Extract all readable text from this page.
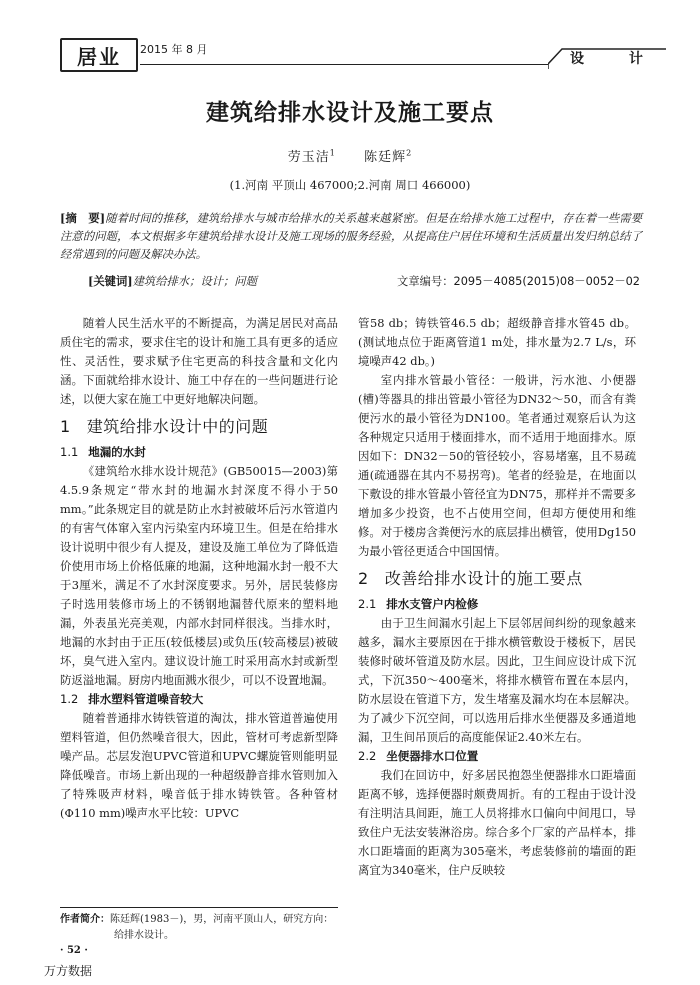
居业 2015 年 8 月
设 计
建筑给排水设计及施工要点
劳玉洁$^1$ 陈廷辉$^2$
(1.河南 平顶山 467000;2.河南 周口 466000)
[摘　要]随着时间的推移，建筑给排水与城市给排水的关系越来越紧密。但是在给排水施工过程中，存在着一些需要注意的问题，本文根据多年建筑给排水设计及施工现场的服务经验，从提高住户居住环境和生活质量出发归纳总结了经常遇到的问题及解决办法。
[关键词]建筑给排水；设计；问题	文章编号：2095－4085(2015)08－0052－02

随着人民生活水平的不断提高，为满足居民对高品质住宅的需求，要求住宅的设计和施工具有更多的适应性、灵活性，要求赋予住宅更高的科技含量和文化内涵。下面就给排水设计、施工中存在的一些问题进行论述，以便大家在施工中更好地解决问题。

1 建筑给排水设计中的问题
1.1 地漏的水封

《建筑给水排水设计规范》(GB50015—2003)第4.5.9条规定“带水封的地漏水封深度不得小于50 mm。”此条规定目的就是防止水封被破坏后污水管道内的有害气体窜入室内污染室内环境卫生。但是在给排水设计说明中很少有人提及，建设及施工单位为了降低造价使用市场上价格低廉的地漏，这种地漏水封一般不大于3厘米，满足不了水封深度要求。另外，居民装修房子时选用装修市场上的不锈钢地漏替代原来的塑料地漏，外表虽光亮美观，内部水封同样很浅。当排水时，地漏的水封由于正压(较低楼层)或负压(较高楼层)被破坏，臭气进入室内。建议设计施工时采用高水封或新型防返溢地漏。厨房内地面溅水很少，可以不设置地漏。

1.2 排水塑料管道噪音较大

随着普通排水铸铁管道的淘汰，排水管道普遍使用塑料管道，但仍然噪音很大，因此，管材可考虑新型降噪产品。芯层发泡UPVC管道和UPVC螺旋管则能明显降低噪音。市场上新出现的一种超级静音排水管则加入了特殊吸声材料，噪音低于排水铸铁管。各种管材(Φ110 mm)噪声水平比较：UPVC

管58 db；铸铁管46.5 db；超级静音排水管45 db。(测试地点位于距离管道1 m处，排水量为2.7 L/s，环境噪声42 db。)

室内排水管最小管径：一般讲，污水池、小便器(槽)等器具的排出管最小管径为DN32～50，而含有粪便污水的最小管径为DN100。笔者通过观察后认为这各种规定只适用于楼面排水，而不适用于地面排水。原因如下：DN32－50的管径较小，容易堵塞，且不易疏通(疏通器在其内不易拐弯)。笔者的经验是，在地面以下敷设的排水管最小管径宜为DN75，那样并不需要多增加多少投资，也不占使用空间，但却方便使用和维修。对于楼房含粪便污水的底层排出横管，使用Dg150为最小管径更适合中国国情。

2 改善给排水设计的施工要点
2.1 排水支管户内检修

由于卫生间漏水引起上下层邻居间纠纷的现象越来越多，漏水主要原因在于排水横管敷设于楼板下，居民装修时破坏管道及防水层。因此，卫生间应设计成下沉式，下沉350～400毫米，将排水横管布置在本层内，防水层设在管道下方，发生堵塞及漏水均在本层解决。为了减少下沉空间，可以选用后排水坐便器及多通道地漏，卫生间吊顶后的高度能保证2.40米左右。

2.2 坐便器排水口位置

我们在回访中，好多居民抱怨坐便器排水口距墙面距离不够，选择便器时颇费周折。有的工程由于设计没有注明洁具间距，施工人员将排水口偏向中间甩口，导致住户无法安装淋浴房。综合多个厂家的产品样本，排水口距墙面的距离为305毫米，考虑装修前的墙面的距离宜为340毫米，住户反映较

作者简介：陈廷辉(1983－)，男，河南平顶山人，研究方向：
给排水设计。
· 52 ·
万方数据
